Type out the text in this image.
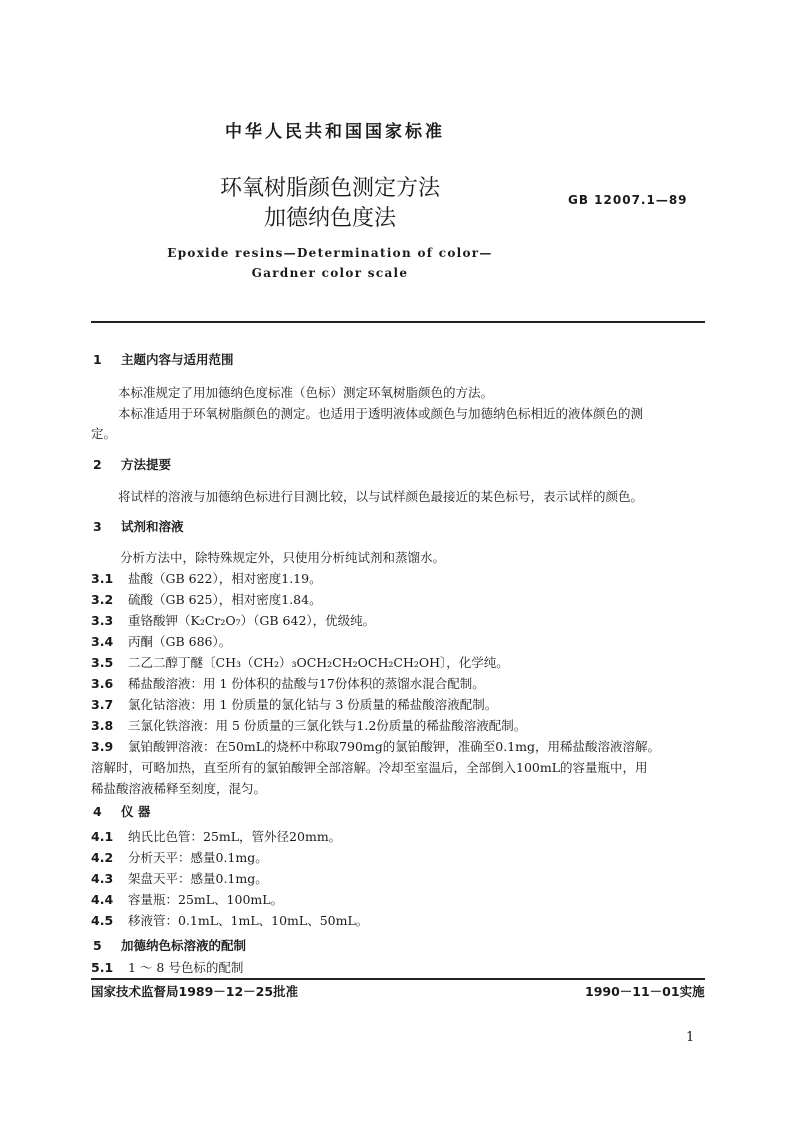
中华人民共和国国家标准
环氧树脂颜色测定方法
加德纳色度法
GB 12007.1—89
Epoxide resins—Determination of color—
Gardner color scale
1 主题内容与适用范围
本标准规定了用加德纳色度标准（色标）测定环氧树脂颜色的方法。
本标准适用于环氧树脂颜色的测定。也适用于透明液体或颜色与加德纳色标相近的液体颜色的测
定。
2 方法提要
将试样的溶液与加德纳色标进行目测比较，以与试样颜色最接近的某色标号，表示试样的颜色。
3 试剂和溶液
分析方法中，除特殊规定外，只使用分析纯试剂和蒸馏水。
3.1 盐酸（GB 622），相对密度1.19。
3.2 硫酸（GB 625），相对密度1.84。
3.3 重铬酸钾（K₂Cr₂O₇）（GB 642），优级纯。
3.4 丙酮（GB 686）。
3.5 二乙二醇丁醚〔CH₃（CH₂）₃OCH₂CH₂OCH₂CH₂OH〕，化学纯。
3.6 稀盐酸溶液：用 1 份体积的盐酸与17份体积的蒸馏水混合配制。
3.7 氯化钴溶液：用 1 份质量的氯化钴与 3 份质量的稀盐酸溶液配制。
3.8 三氯化铁溶液：用 5 份质量的三氯化铁与1.2份质量的稀盐酸溶液配制。
3.9 氯铂酸钾溶液：在50mL的烧杯中称取790mg的氯铂酸钾，准确至0.1mg，用稀盐酸溶液溶解。
溶解时，可略加热，直至所有的氯铂酸钾全部溶解。冷却至室温后，全部倒入100mL的容量瓶中，用
稀盐酸溶液稀释至刻度，混匀。
4 仪 器
4.1 纳氏比色管：25mL，管外径20mm。
4.2 分析天平：感量0.1mg。
4.3 架盘天平：感量0.1mg。
4.4 容量瓶：25mL、100mL。
4.5 移液管：0.1mL、1mL、10mL、50mL。
5 加德纳色标溶液的配制
5.1 1 ～ 8 号色标的配制
国家技术监督局1989－12－25批准	1990－11－01实施
1
